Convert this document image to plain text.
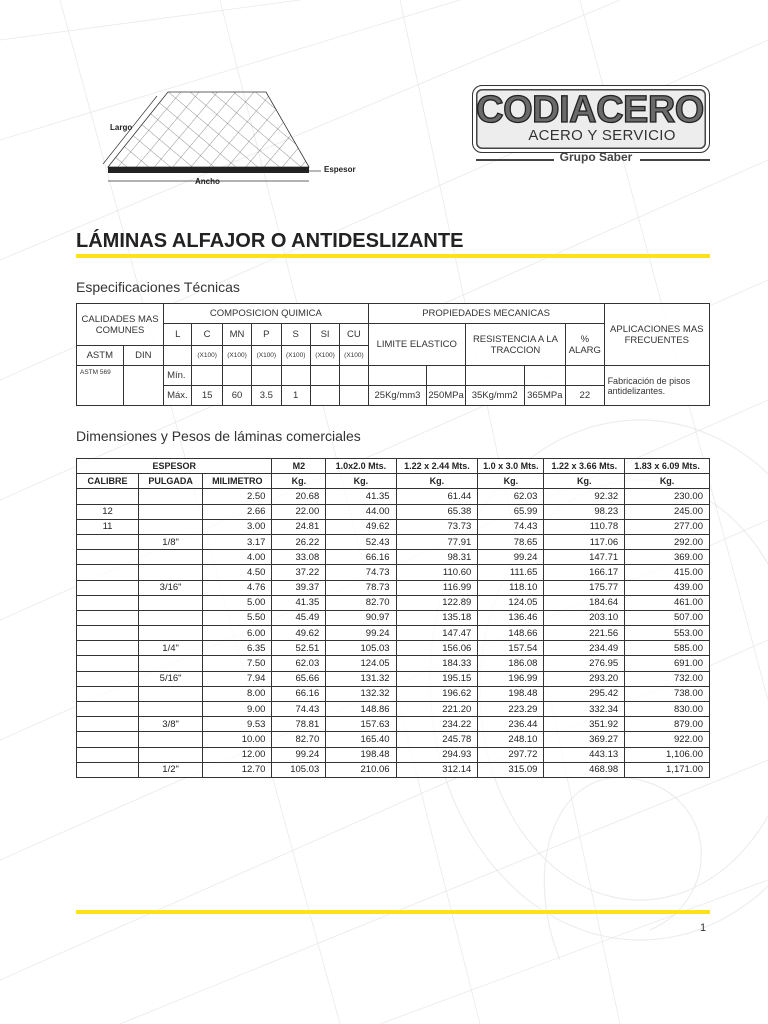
Largo
Ancho
Espesor
CODIACERO
ACERO Y SERVICIO
Grupo Saber
LÁMINAS ALFAJOR O ANTIDESLIZANTE
Especificaciones Técnicas
CALIDADES MAS COMUNES		COMPOSICION QUIMICA							PROPIEDADES MECANICAS					APLICACIONES MAS FRECUENTES
		L	C	MN	P	S	SI	CU	LIMITE ELASTICO		RESISTENCIA A LA TRACCION		% ALARG	
ASTM	DIN		(X100)	(X100)	(X100)	(X100)	(X100)	(X100)						
ASTM 569		Mín.												Fabricación de pisos antidelizantes.
		Máx.	15	60	3.5	1			25Kg/mm3	250MPa	35Kg/mm2	365MPa	22	
Dimensiones y Pesos de láminas comerciales
ESPESOR			M2	1.0x2.0 Mts.	1.22 x 2.44 Mts.	1.0 x 3.0 Mts.	1.22 x 3.66 Mts.	1.83 x 6.09 Mts.
CALIBRE	PULGADA	MILIMETRO	Kg.	Kg.	Kg.	Kg.	Kg.	Kg.
		2.50	20.68	41.35	61.44	62.03	92.32	230.00
12		2.66	22.00	44.00	65.38	65.99	98.23	245.00
11		3.00	24.81	49.62	73.73	74.43	110.78	277.00
	1/8"	3.17	26.22	52.43	77.91	78.65	117.06	292.00
		4.00	33.08	66.16	98.31	99.24	147.71	369.00
		4.50	37.22	74.73	110.60	111.65	166.17	415.00
	3/16"	4.76	39.37	78.73	116.99	118.10	175.77	439.00
		5.00	41.35	82.70	122.89	124.05	184.64	461.00
		5.50	45.49	90.97	135.18	136.46	203.10	507.00
		6.00	49.62	99.24	147.47	148.66	221.56	553.00
	1/4"	6.35	52.51	105.03	156.06	157.54	234.49	585.00
		7.50	62.03	124.05	184.33	186.08	276.95	691.00
	5/16"	7.94	65.66	131.32	195.15	196.99	293.20	732.00
		8.00	66.16	132.32	196.62	198.48	295.42	738.00
		9.00	74.43	148.86	221.20	223.29	332.34	830.00
	3/8"	9.53	78.81	157.63	234.22	236.44	351.92	879.00
		10.00	82.70	165.40	245.78	248.10	369.27	922.00
		12.00	99.24	198.48	294.93	297.72	443.13	1,106.00
	1/2"	12.70	105.03	210.06	312.14	315.09	468.98	1,171.00
1
